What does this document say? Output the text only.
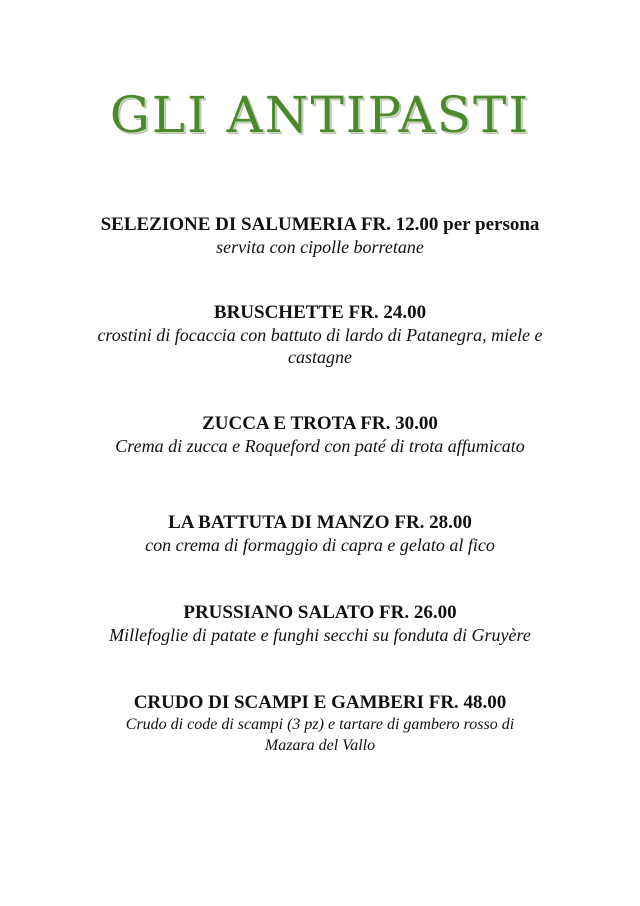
GLI ANTIPASTI
SELEZIONE DI SALUMERIA FR. 12.00 per persona
servita con cipolle borretane
BRUSCHETTE FR. 24.00
crostini di focaccia con battuto di lardo di Patanegra, miele e castagne
ZUCCA E TROTA FR. 30.00
Crema di zucca e Roqueford con paté di trota affumicato
LA BATTUTA DI MANZO FR. 28.00
con crema di formaggio di capra e gelato al fico
PRUSSIANO SALATO FR. 26.00
Millefoglie di patate e funghi secchi su fonduta di Gruyère
CRUDO DI SCAMPI E GAMBERI FR. 48.00
Crudo di code di scampi (3 pz) e tartare di gambero rosso di Mazara del Vallo
